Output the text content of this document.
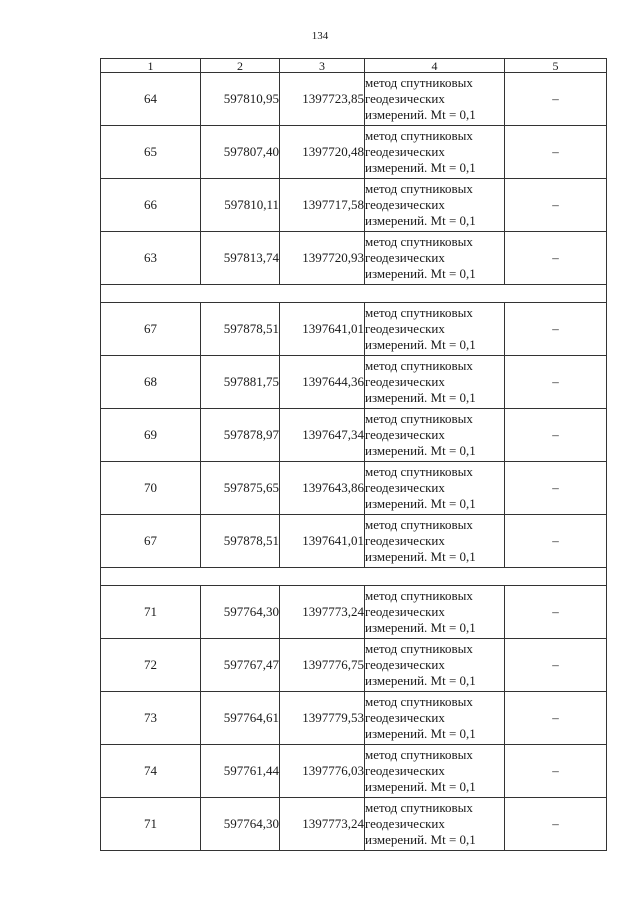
134
1	2	3	4	5
64	597810,95	1397723,85	метод спутниковых
геодезических
измерений. Mt = 0,1	–
65	597807,40	1397720,48	метод спутниковых
геодезических
измерений. Mt = 0,1	–
66	597810,11	1397717,58	метод спутниковых
геодезических
измерений. Mt = 0,1	–
63	597813,74	1397720,93	метод спутниковых
геодезических
измерений. Mt = 0,1	–

67	597878,51	1397641,01	метод спутниковых
геодезических
измерений. Mt = 0,1	–
68	597881,75	1397644,36	метод спутниковых
геодезических
измерений. Mt = 0,1	–
69	597878,97	1397647,34	метод спутниковых
геодезических
измерений. Mt = 0,1	–
70	597875,65	1397643,86	метод спутниковых
геодезических
измерений. Mt = 0,1	–
67	597878,51	1397641,01	метод спутниковых
геодезических
измерений. Mt = 0,1	–

71	597764,30	1397773,24	метод спутниковых
геодезических
измерений. Mt = 0,1	–
72	597767,47	1397776,75	метод спутниковых
геодезических
измерений. Mt = 0,1	–
73	597764,61	1397779,53	метод спутниковых
геодезических
измерений. Mt = 0,1	–
74	597761,44	1397776,03	метод спутниковых
геодезических
измерений. Mt = 0,1	–
71	597764,30	1397773,24	метод спутниковых
геодезических
измерений. Mt = 0,1	–
